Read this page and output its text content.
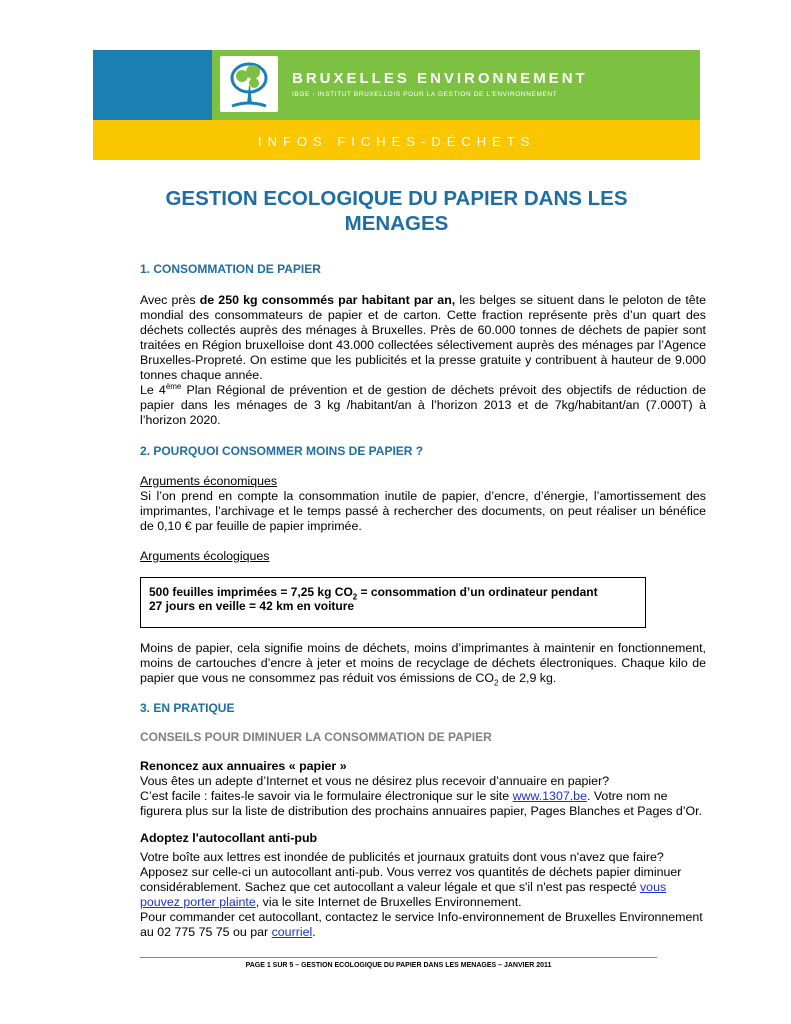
BRUXELLES ENVIRONNEMENT
IBGE - INSTITUT BRUXELLOIS POUR LA GESTION DE L'ENVIRONNEMENT
INFOS FICHES-DÉCHETS
GESTION ECOLOGIQUE DU PAPIER DANS LES
MENAGES
1. CONSOMMATION DE PAPIER

Avec près de 250 kg consommés par habitant par an, les belges se situent dans le peloton de tête mondial des consommateurs de papier et de carton. Cette fraction représente près d’un quart des déchets collectés auprès des ménages à Bruxelles. Près de 60.000 tonnes de déchets de papier sont traitées en Région bruxelloise dont 43.000 collectées sélectivement auprès des ménages par l’Agence Bruxelles-Propreté. On estime que les publicités et la presse gratuite y contribuent à hauteur de 9.000 tonnes chaque année.

Le 4ème Plan Régional de prévention et de gestion de déchets prévoit des objectifs de réduction de papier dans les ménages de 3 kg /habitant/an à l’horizon 2013 et de 7kg/habitant/an (7.000T) à l’horizon 2020.

2. POURQUOI CONSOMMER MOINS DE PAPIER ?

Arguments économiques

Si l’on prend en compte la consommation inutile de papier, d’encre, d’énergie, l’amortissement des imprimantes, l’archivage et le temps passé à rechercher des documents, on peut réaliser un bénéfice de 0,10 € par feuille de papier imprimée.

Arguments écologiques

500 feuilles imprimées = 7,25 kg $CO_2$ = consommation d’un ordinateur pendant
27 jours en veille = 42 km en voiture

Moins de papier, cela signifie moins de déchets, moins d’imprimantes à maintenir en fonctionnement, moins de cartouches d’encre à jeter et moins de recyclage de déchets électroniques. Chaque kilo de papier que vous ne consommez pas réduit vos émissions de $CO_2$ de 2,9 kg.

3. EN PRATIQUE
CONSEILS POUR DIMINUER LA CONSOMMATION DE PAPIER

Renoncez aux annuaires « papier »

Vous êtes un adepte d’Internet et vous ne désirez plus recevoir d’annuaire en papier?

C’est facile : faites-le savoir via le formulaire électronique sur le site www.1307.be. Votre nom ne figurera plus sur la liste de distribution des prochains annuaires papier, Pages Blanches et Pages d’Or.

Adoptez l'autocollant anti-pub

Votre boîte aux lettres est inondée de publicités et journaux gratuits dont vous n'avez que faire? Apposez sur celle-ci un autocollant anti-pub. Vous verrez vos quantités de déchets papier diminuer considérablement. Sachez que cet autocollant a valeur légale et que s'il n'est pas respecté vous pouvez porter plainte, via le site Internet de Bruxelles Environnement.

Pour commander cet autocollant, contactez le service Info-environnement de Bruxelles Environnement au 02 775 75 75 ou par courriel.

PAGE 1 SUR 5 – GESTION ECOLOGIQUE DU PAPIER DANS LES MENAGES – JANVIER 2011
